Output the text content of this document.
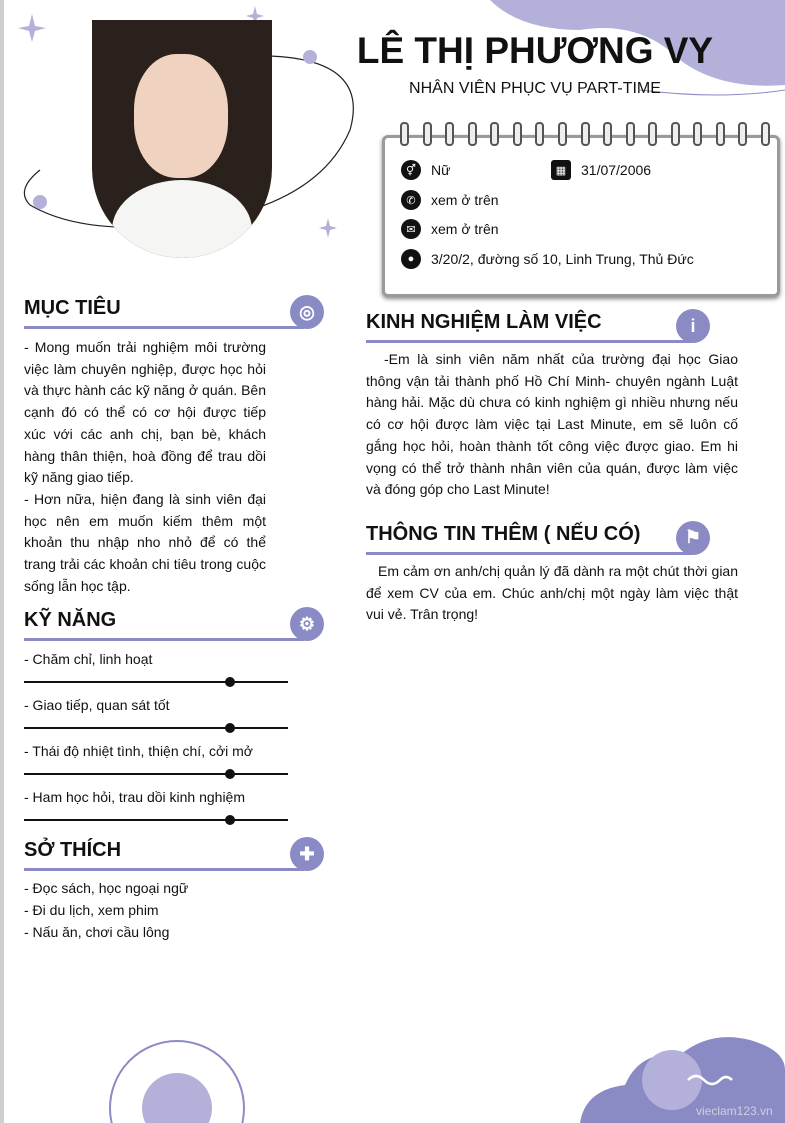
LÊ THỊ PHƯƠNG VY
NHÂN VIÊN PHỤC VỤ PART-TIME
⚥	Nữ	▦	31/07/2006
✆	xem ở trên
✉	xem ở trên
●	3/20/2, đường số 10, Linh Trung, Thủ Đức
MỤC TIÊU	◎
- Mong muốn trải nghiệm môi trường việc làm chuyên nghiệp, được học hỏi và thực hành các kỹ năng ở quán. Bên cạnh đó có thể có cơ hội được tiếp xúc với các anh chị, bạn bè, khách hàng thân thiện, hoà đồng để trau dồi kỹ năng giao tiếp.
- Hơn nữa, hiện đang là sinh viên đại học nên em muốn kiếm thêm một khoản thu nhập nho nhỏ để có thể trang trải các khoản chi tiêu trong cuộc sống lẫn học tập.
KỸ NĂNG	⚙
- Chăm chỉ, linh hoạt
- Giao tiếp, quan sát tốt
- Thái độ nhiệt tình, thiện chí, cởi mở
- Ham học hỏi, trau dồi kinh nghiệm
SỞ THÍCH	✚
- Đọc sách, học ngoại ngữ
- Đi du lịch, xem phim
- Nấu ăn, chơi cầu lông
KINH NGHIỆM LÀM VIỆC	i
-Em là sinh viên năm nhất của trường đại học Giao thông vận tải thành phố Hồ Chí Minh- chuyên ngành Luật hàng hải. Mặc dù chưa có kinh nghiệm gì nhiều nhưng nếu có cơ hội được làm việc tại Last Minute, em sẽ luôn cố gắng học hỏi, hoàn thành tốt công việc được giao. Em hi vọng có thể trở thành nhân viên của quán, được làm việc và đóng góp cho Last Minute!
THÔNG TIN THÊM ( NẾU CÓ)	⚑
Em cảm ơn anh/chị quản lý đã dành ra một chút thời gian để xem CV của em. Chúc anh/chị một ngày làm việc thật vui vẻ. Trân trọng!
vieclam123.vn
